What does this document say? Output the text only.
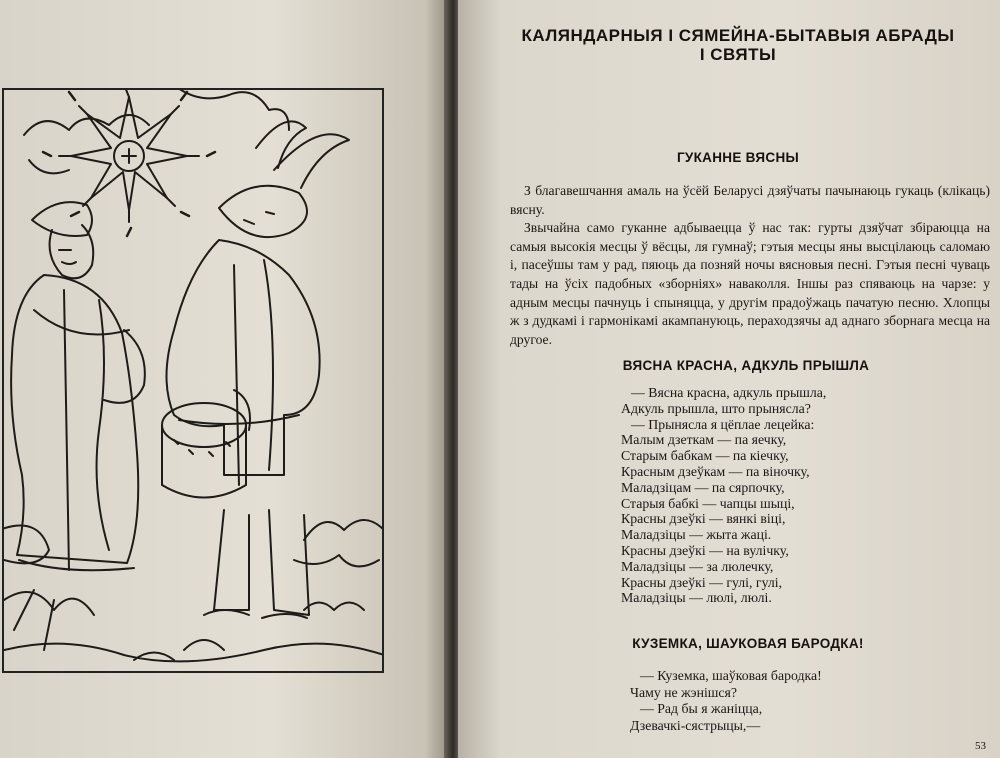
КАЛЯНДАРНЫЯ І СЯМЕЙНА-БЫТАВЫЯ АБРАДЫ
І СВЯТЫ
ГУКАННЕ ВЯСНЫ

З благавешчання амаль на ўсёй Беларусі дзяўчаты пачынаюць гукаць (клікаць) вясну.

Звычайна само гуканне адбываецца ў нас так: гурты дзяўчат збіраюцца на самыя высокія месцы ў вёсцы, ля гумнаў; гэтыя месцы яны высцілаюць саломаю і, пасеўшы там у рад, пяюць да позняй ночы вясновыя песні. Гэтыя песні чуваць тады на ўсіх падобных «зборніях» наваколля. Іншы раз спяваюць на чарзе: у адным месцы пачнуць і спыняцца, у другім прадоўжаць пачатую песню. Хлопцы ж з дудкамі і гармонікамі акампануюць, пераходзячы ад аднаго зборнага месца на другое.

ВЯСНА КРАСНА, АДКУЛЬ ПРЫШЛА
— Вясна красна, адкуль прышла,
Адкуль прышла, што прынясла?
— Прынясла я цёплае лецейка:
Малым дзеткам — па яечку,
Старым бабкам — па кіечку,
Красным дзеўкам — па віночку,
Маладзіцам — па сярпочку,
Старыя бабкі — чапцы шыці,
Красны дзеўкі — вянкі віці,
Маладзіцы — жыта жаці.
Красны дзеўкі — на вулічку,
Маладзіцы — за люлечку,
Красны дзеўкі — гулі, гулі,
Маладзіцы — люлі, люлі.
КУЗЕМКА, ШАУКОВАЯ БАРОДКА!
— Куземка, шаўковая бародка!
Чаму не жэнішся?
— Рад бы я жаніцца,
Дзевачкі-сястрыцы,—
53
